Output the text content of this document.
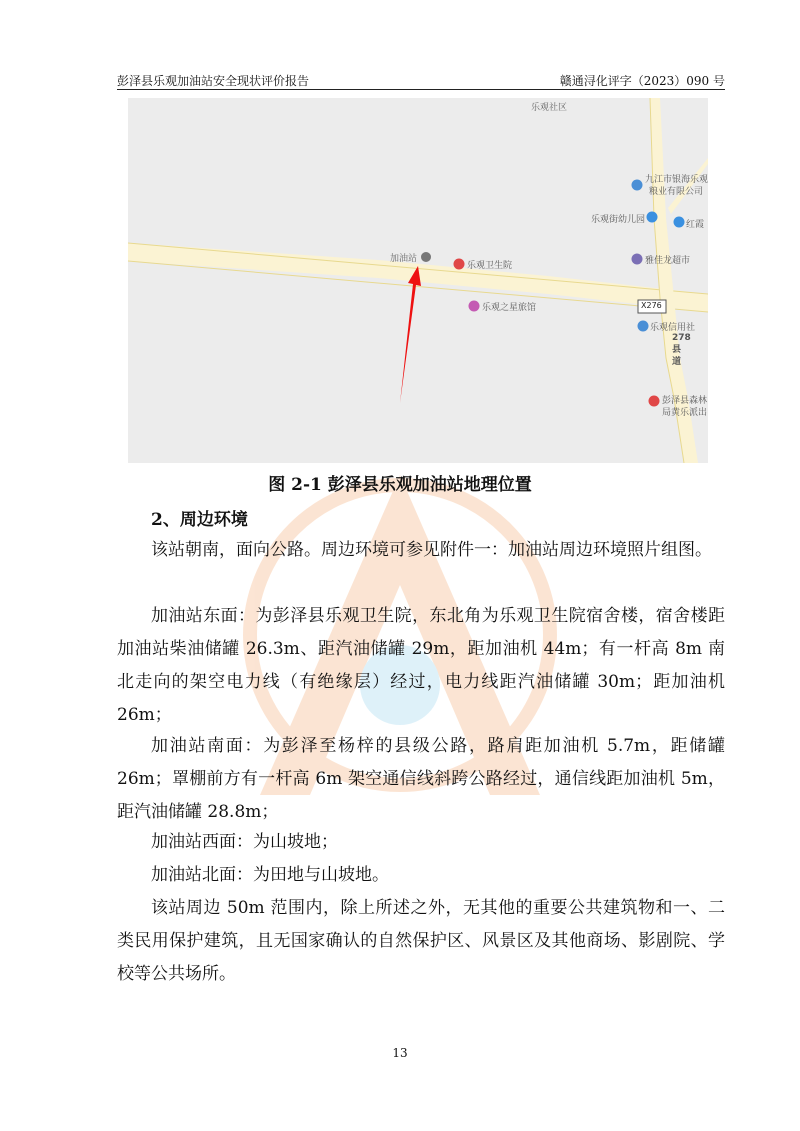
彭泽县乐观加油站安全现状评价报告	赣通浔化评字（2023）090 号
乐观社区
九江市银海乐观
粮业有限公司
乐观街幼儿园	红霞
加油站
乐观卫生院	雅佳龙超市
乐观之星旅馆	X276
乐观信用社
278县道
彭泽县森林
局黄乐派出
图 2-1 彭泽县乐观加油站地理位置
2、周边环境

该站朝南，面向公路。周边环境可参见附件一：加油站周边环境照片组图。

加油站东面：为彭泽县乐观卫生院，东北角为乐观卫生院宿舍楼，宿舍楼距加油站柴油储罐 26.3m、距汽油储罐 29m，距加油机 44m；有一杆高 8m 南北走向的架空电力线（有绝缘层）经过，电力线距汽油储罐 30m；距加油机 26m；

加油站南面：为彭泽至杨梓的县级公路，路肩距加油机 5.7m，距储罐 26m；罩棚前方有一杆高 6m 架空通信线斜跨公路经过，通信线距加油机 5m，距汽油储罐 28.8m；

加油站西面：为山坡地；

加油站北面：为田地与山坡地。

该站周边 50m 范围内，除上所述之外，无其他的重要公共建筑物和一、二类民用保护建筑，且无国家确认的自然保护区、风景区及其他商场、影剧院、学校等公共场所。

13
